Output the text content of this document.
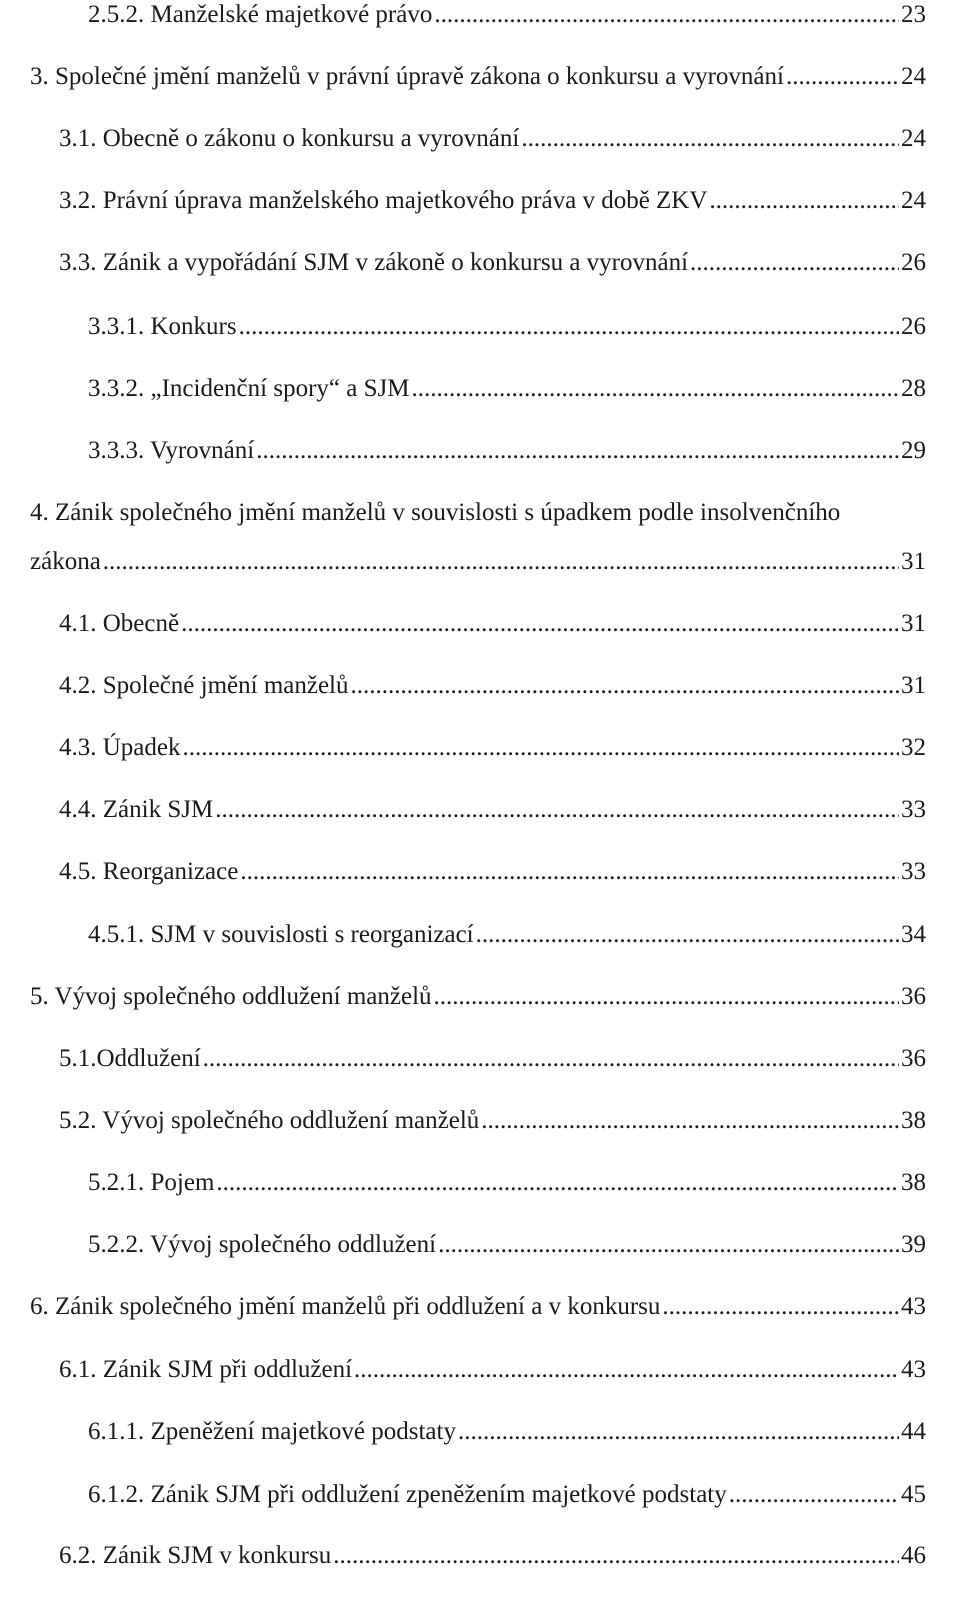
2.5.2. Manželské majetkové právo .....	23
3. Společné jmění manželů v právní úpravě zákona o konkursu a vyrovnání .....	24
3.1. Obecně o zákonu o konkursu a vyrovnání .....	24
3.2. Právní úprava manželského majetkového práva v době ZKV .....	24
3.3. Zánik a vypořádání SJM v zákoně o konkursu a vyrovnání .....	26
3.3.1. Konkurs .....	26
3.3.2. „Incidenční spory“ a SJM .....	28
3.3.3. Vyrovnání .....	29
4. Zánik společného jmění manželů v souvislosti s úpadkem podle insolvenčního
zákona .....	31
4.1. Obecně .....	31
4.2. Společné jmění manželů .....	31
4.3. Úpadek .....	32
4.4. Zánik SJM .....	33
4.5. Reorganizace .....	33
4.5.1. SJM v souvislosti s reorganizací .....	34
5. Vývoj společného oddlužení manželů .....	36
5.1.Oddlužení .....	36
5.2. Vývoj společného oddlužení manželů .....	38
5.2.1. Pojem .....	38
5.2.2. Vývoj společného oddlužení .....	39
6. Zánik společného jmění manželů při oddlužení a v konkursu .....	43
6.1. Zánik SJM při oddlužení .....	43
6.1.1. Zpeněžení majetkové podstaty .....	44
6.1.2. Zánik SJM při oddlužení zpeněžením majetkové podstaty .....	45
6.2. Zánik SJM v konkursu .....	46
